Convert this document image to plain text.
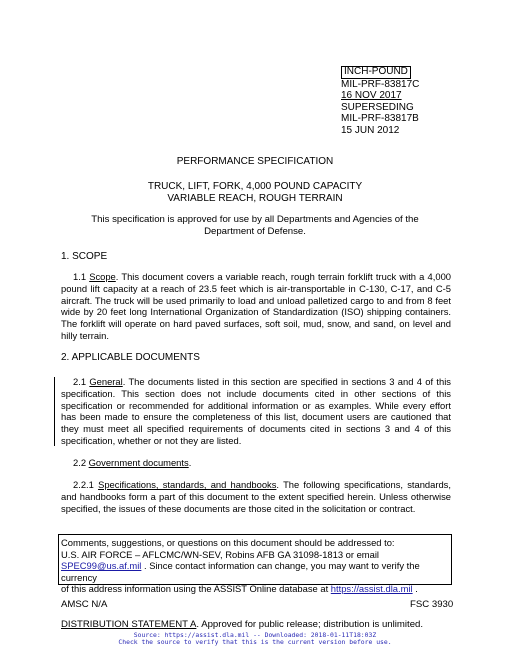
INCH-POUND
MIL-PRF-83817C
16 NOV 2017
SUPERSEDING
MIL-PRF-83817B
15 JUN 2012
PERFORMANCE SPECIFICATION
TRUCK, LIFT, FORK, 4,000 POUND CAPACITY
VARIABLE REACH, ROUGH TERRAIN
This specification is approved for use by all Departments and Agencies of the
Department of Defense.
1. SCOPE
1.1 Scope. This document covers a variable reach, rough terrain forklift truck with a 4,000 pound lift capacity at a reach of 23.5 feet which is air-transportable in C-130, C-17, and C-5 aircraft. The truck will be used primarily to load and unload palletized cargo to and from 8 feet wide by 20 feet long International Organization of Standardization (ISO) shipping containers. The forklift will operate on hard paved surfaces, soft soil, mud, snow, and sand, on level and hilly terrain.
2. APPLICABLE DOCUMENTS
2.1 General. The documents listed in this section are specified in sections 3 and 4 of this specification. This section does not include documents cited in other sections of this specification or recommended for additional information or as examples. While every effort has been made to ensure the completeness of this list, document users are cautioned that they must meet all specified requirements of documents cited in sections 3 and 4 of this specification, whether or not they are listed.
2.2 Government documents.
2.2.1 Specifications, standards, and handbooks. The following specifications, standards, and handbooks form a part of this document to the extent specified herein. Unless otherwise specified, the issues of these documents are those cited in the solicitation or contract.
Comments, suggestions, or questions on this document should be addressed to:
U.S. AIR FORCE – AFLCMC/WN-SEV, Robins AFB GA 31098-1813 or email
SPEC99@us.af.mil . Since contact information can change, you may want to verify the currency
of this address information using the ASSIST Online database at https://assist.dla.mil .
AMSC N/A	FSC 3930
DISTRIBUTION STATEMENT A. Approved for public release; distribution is unlimited.
Source: https://assist.dla.mil -- Downloaded: 2018-01-11T18:03Z
Check the source to verify that this is the current version before use.
